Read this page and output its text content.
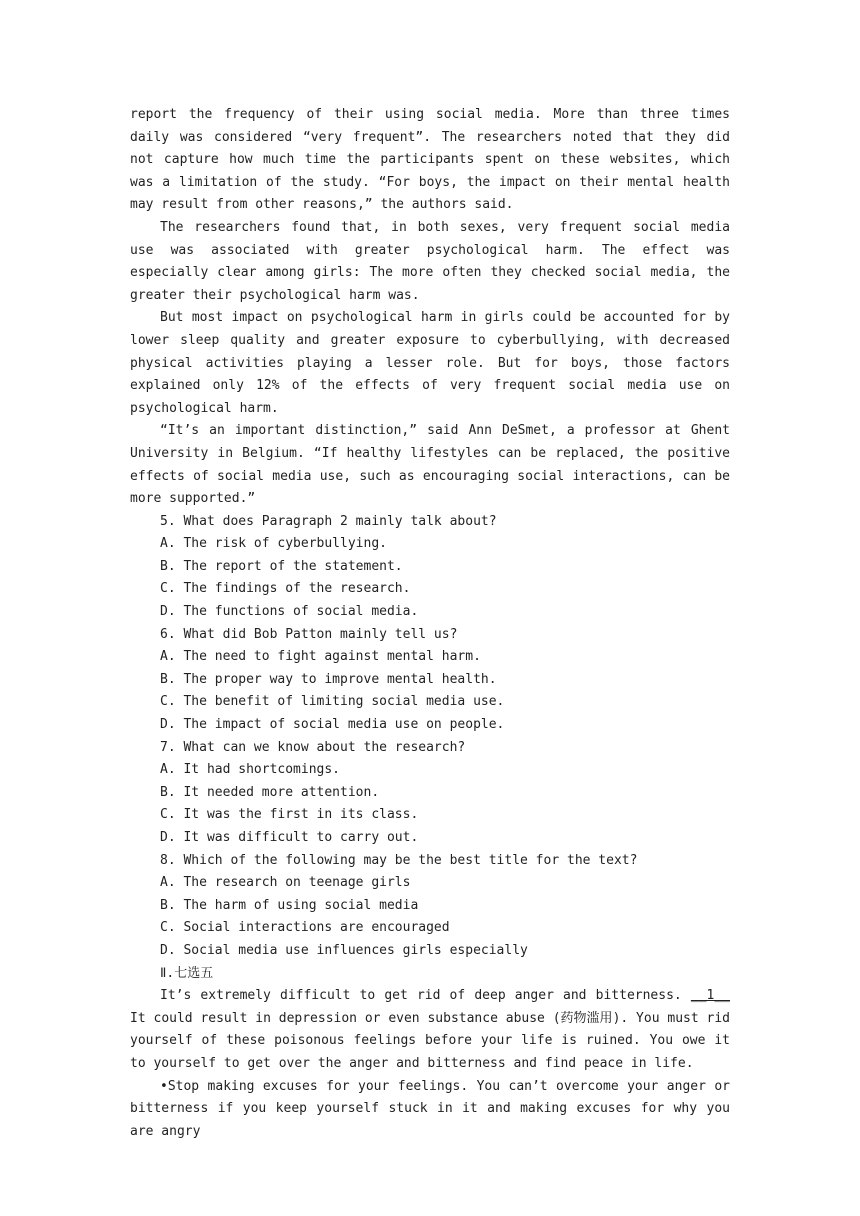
report the frequency of their using social media. More than three times daily was considered “very frequent”. The researchers noted that they did not capture how much time the participants spent on these websites, which was a limitation of the study. “For boys, the impact on their mental health may result from other reasons,” the authors said.

The researchers found that, in both sexes, very frequent social media use was associated with greater psychological harm. The effect was especially clear among girls: The more often they checked social media, the greater their psychological harm was.

But most impact on psychological harm in girls could be accounted for by lower sleep quality and greater exposure to cyberbullying, with decreased physical activities playing a lesser role. But for boys, those factors explained only 12% of the effects of very frequent social media use on psychological harm.

“It’s an important distinction,” said Ann DeSmet, a professor at Ghent University in Belgium. “If healthy lifestyles can be replaced, the positive effects of social media use, such as encouraging social interactions, can be more supported.”

5. What does Paragraph 2 mainly talk about?

A. The risk of cyberbullying.

B. The report of the statement.

C. The findings of the research.

D. The functions of social media.

6. What did Bob Patton mainly tell us?

A. The need to fight against mental harm.

B. The proper way to improve mental health.

C. The benefit of limiting social media use.

D. The impact of social media use on people.

7. What can we know about the research?

A. It had shortcomings.

B. It needed more attention.

C. It was the first in its class.

D. It was difficult to carry out.

8. Which of the following may be the best title for the text?

A. The research on teenage girls

B. The harm of using social media

C. Social interactions are encouraged

D. Social media use influences girls especially

Ⅱ.七选五

It’s extremely difficult to get rid of deep anger and bitterness. __1__ It could result in depression or even substance abuse (药物滥用). You must rid yourself of these poisonous feelings before your life is ruined. You owe it to yourself to get over the anger and bitterness and find peace in life.

•Stop making excuses for your feelings. You can’t overcome your anger or bitterness if you keep yourself stuck in it and making excuses for why you are angry
